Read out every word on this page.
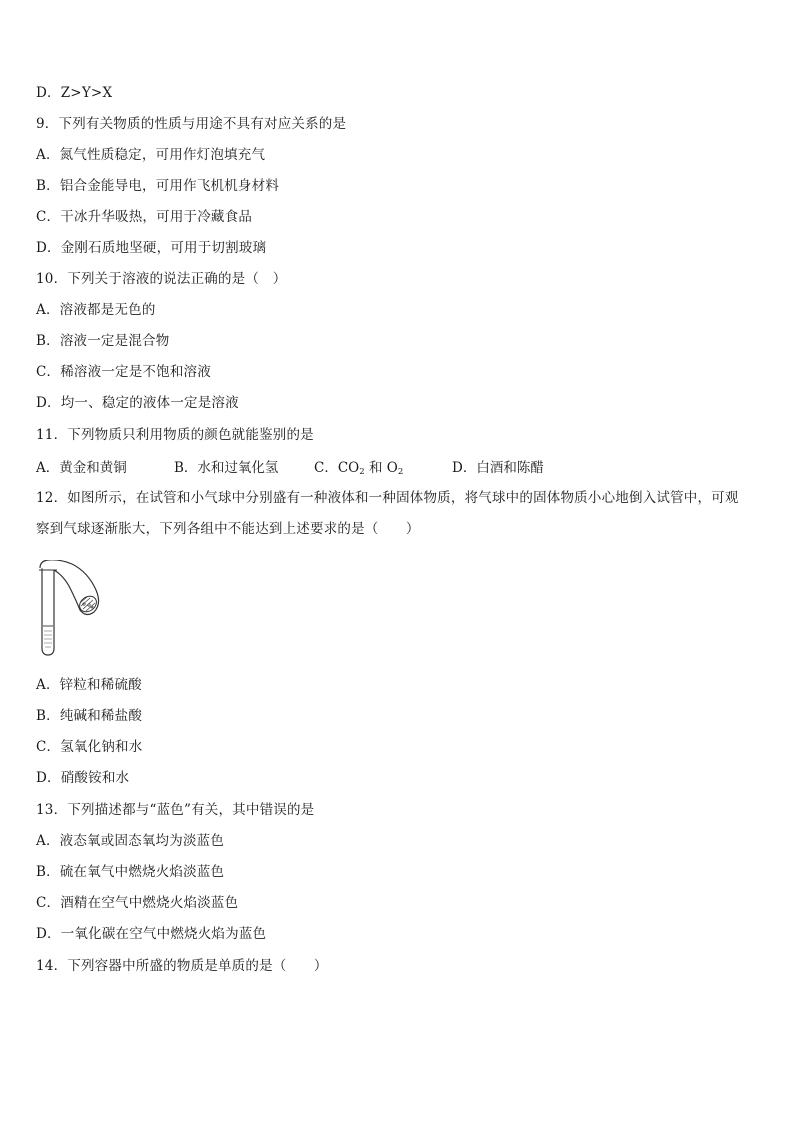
D．Z>Y>X
9．下列有关物质的性质与用途不具有对应关系的是
A．氮气性质稳定，可用作灯泡填充气
B．铝合金能导电，可用作飞机机身材料
C．干冰升华吸热，可用于冷藏食品
D．金刚石质地坚硬，可用于切割玻璃
10．下列关于溶液的说法正确的是（　）
A．溶液都是无色的
B．溶液一定是混合物
C．稀溶液一定是不饱和溶液
D．均一、稳定的液体一定是溶液
11．下列物质只利用物质的颜色就能鉴别的是
A．黄金和黄铜	B．水和过氧化氢	C．$CO_2$ 和 $O_2$	D．白酒和陈醋
12．如图所示，在试管和小气球中分别盛有一种液体和一种固体物质，将气球中的固体物质小心地倒入试管中，可观
察到气球逐渐胀大，下列各组中不能达到上述要求的是（　　）
A．锌粒和稀硫酸
B．纯碱和稀盐酸
C．氢氧化钠和水
D．硝酸铵和水
13．下列描述都与“蓝色”有关，其中错误的是
A．液态氧或固态氧均为淡蓝色
B．硫在氧气中燃烧火焰淡蓝色
C．酒精在空气中燃烧火焰淡蓝色
D．一氧化碳在空气中燃烧火焰为蓝色
14．下列容器中所盛的物质是单质的是（　　）
